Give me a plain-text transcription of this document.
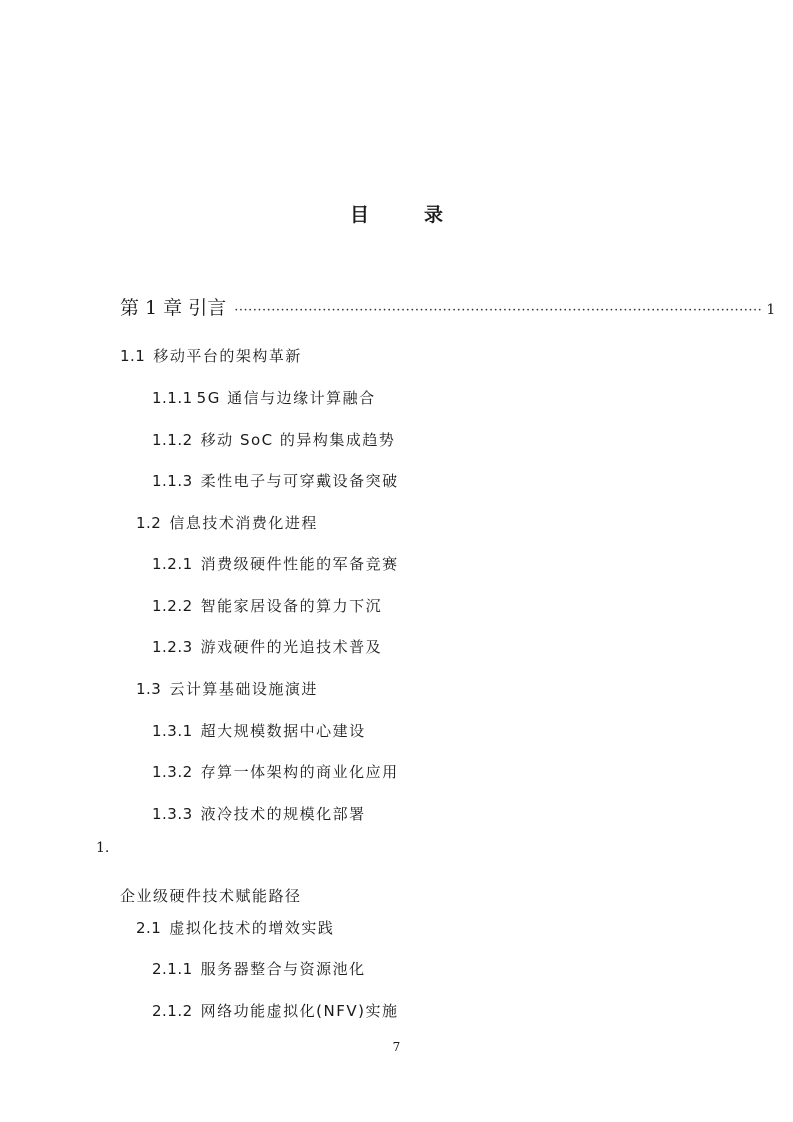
目　录
第 1 章 引言 ·················································································································· 1
1.1 移动平台的架构革新
1.1.1 5G 通信与边缘计算融合
1.1.2 移动 SoC 的异构集成趋势
1.1.3 柔性电子与可穿戴设备突破
1.2 信息技术消费化进程
1.2.1 消费级硬件性能的军备竞赛
1.2.2 智能家居设备的算力下沉
1.2.3 游戏硬件的光追技术普及
1.3 云计算基础设施演进
1.3.1 超大规模数据中心建设
1.3.2 存算一体架构的商业化应用
1.3.3 液冷技术的规模化部署
1.
企业级硬件技术赋能路径
2.1 虚拟化技术的增效实践
2.1.1 服务器整合与资源池化
2.1.2 网络功能虚拟化(NFV)实施
7
